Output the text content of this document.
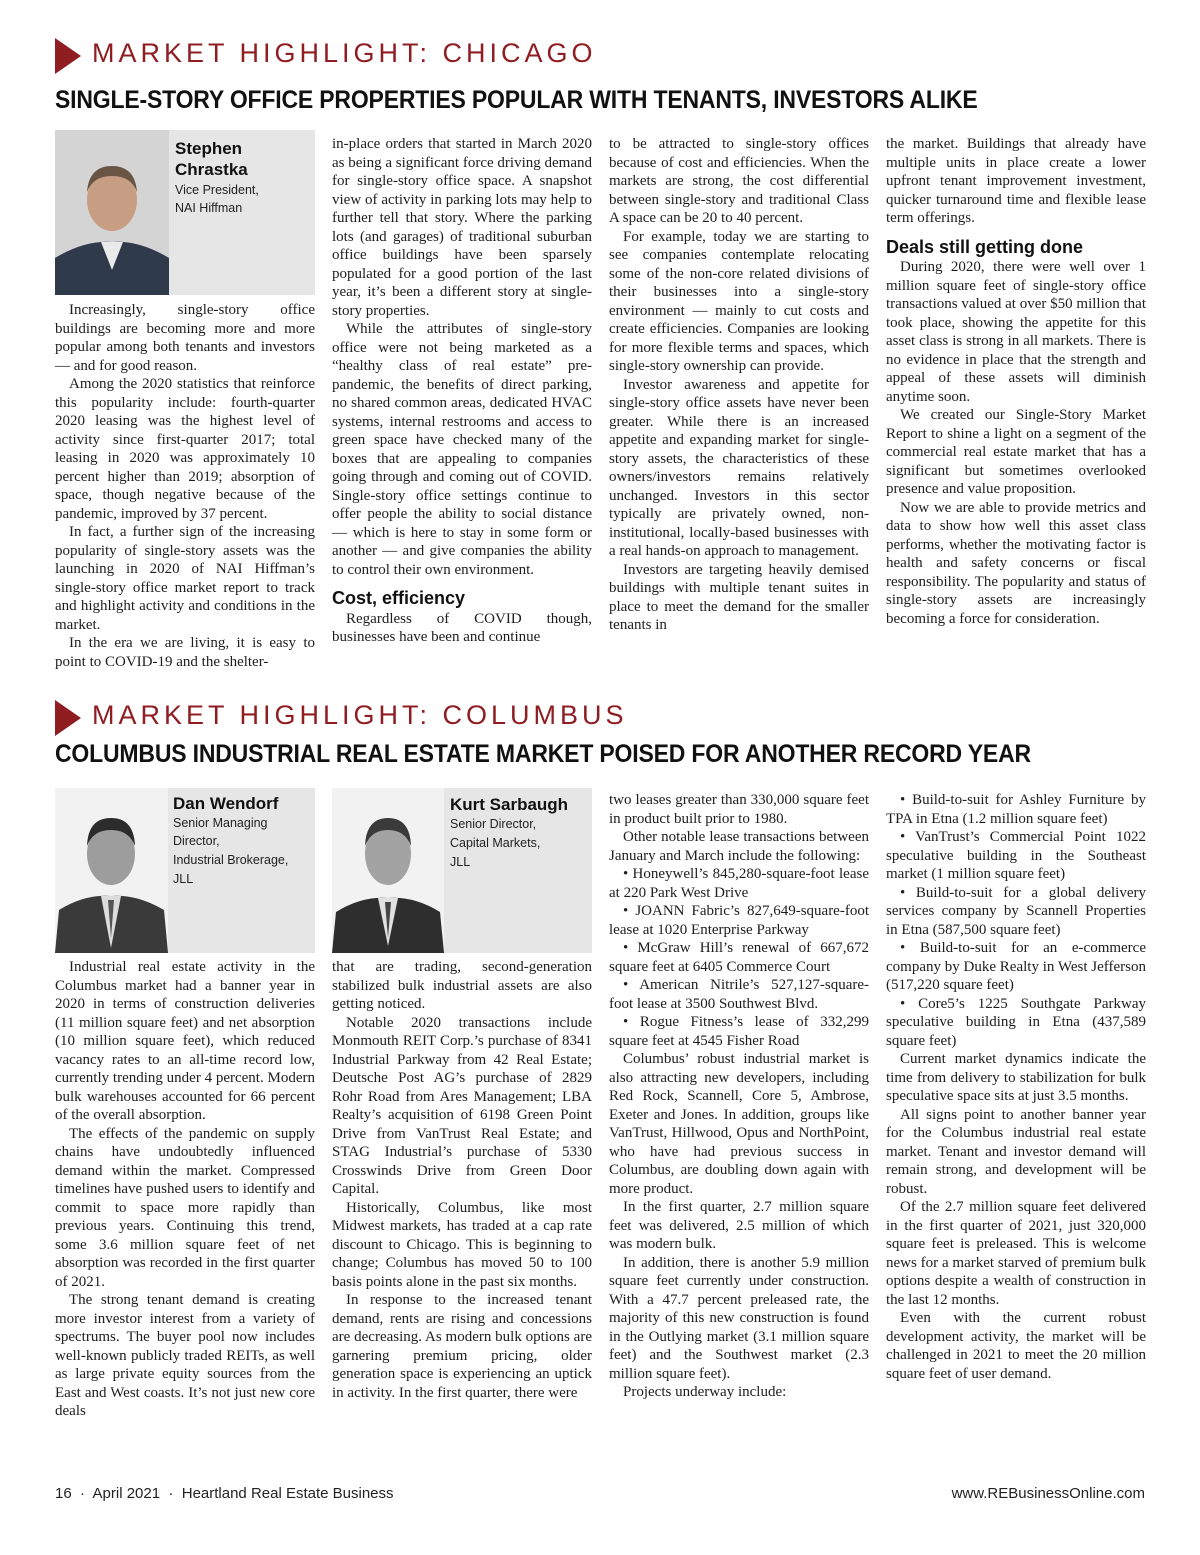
MARKET HIGHLIGHT: CHICAGO
SINGLE-STORY OFFICE PROPERTIES POPULAR WITH TENANTS, INVESTORS ALIKE
Stephen
Chrastka
Vice President,
NAI Hiffman

Increasingly, single-story office buildings are becoming more and more popular among both tenants and investors — and for good reason.

Among the 2020 statistics that reinforce this popularity include: fourth-quarter 2020 leasing was the highest level of activity since first-quarter 2017; total leasing in 2020 was approximately 10 percent higher than 2019; absorption of space, though negative because of the pandemic, improved by 37 percent.

In fact, a further sign of the increasing popularity of single-story assets was the launching in 2020 of NAI Hiffman’s single-story office market report to track and highlight activity and conditions in the market.

In the era we are living, it is easy to point to COVID-19 and the shelter-

in-place orders that started in March 2020 as being a significant force driving demand for single-story office space. A snapshot view of activity in parking lots may help to further tell that story. Where the parking lots (and garages) of traditional suburban office buildings have been sparsely populated for a good portion of the last year, it’s been a different story at single-story properties.

While the attributes of single-story office were not being marketed as a “healthy class of real estate” pre-pandemic, the benefits of direct parking, no shared common areas, dedicated HVAC systems, internal restrooms and access to green space have checked many of the boxes that are appealing to companies going through and coming out of COVID. Single-story office settings continue to offer people the ability to social distance — which is here to stay in some form or another — and give companies the ability to control their own environment.

Cost, efficiency

Regardless of COVID though, businesses have been and continue

to be attracted to single-story offices because of cost and efficiencies. When the markets are strong, the cost differential between single-story and traditional Class A space can be 20 to 40 percent.

For example, today we are starting to see companies contemplate relocating some of the non-core related divisions of their businesses into a single-story environment — mainly to cut costs and create efficiencies. Companies are looking for more flexible terms and spaces, which single-story ownership can provide.

Investor awareness and appetite for single-story office assets have never been greater. While there is an increased appetite and expanding market for single-story assets, the characteristics of these owners/investors remains relatively unchanged. Investors in this sector typically are privately owned, non-institutional, locally-based businesses with a real hands-on approach to management.

Investors are targeting heavily demised buildings with multiple tenant suites in place to meet the demand for the smaller tenants in

the market. Buildings that already have multiple units in place create a lower upfront tenant improvement investment, quicker turnaround time and flexible lease term offerings.

Deals still getting done

During 2020, there were well over 1 million square feet of single-story office transactions valued at over $50 million that took place, showing the appetite for this asset class is strong in all markets. There is no evidence in place that the strength and appeal of these assets will diminish anytime soon.

We created our Single-Story Market Report to shine a light on a segment of the commercial real estate market that has a significant but sometimes overlooked presence and value proposition.

Now we are able to provide metrics and data to show how well this asset class performs, whether the motivating factor is health and safety concerns or fiscal responsibility. The popularity and status of single-story assets are increasingly becoming a force for consideration.

MARKET HIGHLIGHT: COLUMBUS
COLUMBUS INDUSTRIAL REAL ESTATE MARKET POISED FOR ANOTHER RECORD YEAR
Dan Wendorf
Senior Managing
Director,
Industrial Brokerage,
JLL
Kurt Sarbaugh
Senior Director,
Capital Markets,
JLL

Industrial real estate activity in the Columbus market had a banner year in 2020 in terms of construction deliveries (11 million square feet) and net absorption (10 million square feet), which reduced vacancy rates to an all-time record low, currently trending under 4 percent. Modern bulk warehouses accounted for 66 percent of the overall absorption.

The effects of the pandemic on supply chains have undoubtedly influenced demand within the market. Compressed timelines have pushed users to identify and commit to space more rapidly than previous years. Continuing this trend, some 3.6 million square feet of net absorption was recorded in the first quarter of 2021.

The strong tenant demand is creating more investor interest from a variety of spectrums. The buyer pool now includes well-known publicly traded REITs, as well as large private equity sources from the East and West coasts. It’s not just new core deals

that are trading, second-generation stabilized bulk industrial assets are also getting noticed.

Notable 2020 transactions include Monmouth REIT Corp.’s purchase of 8341 Industrial Parkway from 42 Real Estate; Deutsche Post AG’s purchase of 2829 Rohr Road from Ares Management; LBA Realty’s acquisition of 6198 Green Point Drive from VanTrust Real Estate; and STAG Industrial’s purchase of 5330 Crosswinds Drive from Green Door Capital.

Historically, Columbus, like most Midwest markets, has traded at a cap rate discount to Chicago. This is beginning to change; Columbus has moved 50 to 100 basis points alone in the past six months.

In response to the increased tenant demand, rents are rising and concessions are decreasing. As modern bulk options are garnering premium pricing, older generation space is experiencing an uptick in activity. In the first quarter, there were

two leases greater than 330,000 square feet in product built prior to 1980.

Other notable lease transactions between January and March include the following:

• Honeywell’s 845,280-square-foot lease at 220 Park West Drive

• JOANN Fabric’s 827,649-square-foot lease at 1020 Enterprise Parkway

• McGraw Hill’s renewal of 667,672 square feet at 6405 Commerce Court

• American Nitrile’s 527,127-square-foot lease at 3500 Southwest Blvd.

• Rogue Fitness’s lease of 332,299 square feet at 4545 Fisher Road

Columbus’ robust industrial market is also attracting new developers, including Red Rock, Scannell, Core 5, Ambrose, Exeter and Jones. In addition, groups like VanTrust, Hillwood, Opus and NorthPoint, who have had previous success in Columbus, are doubling down again with more product.

In the first quarter, 2.7 million square feet was delivered, 2.5 million of which was modern bulk.

In addition, there is another 5.9 million square feet currently under construction. With a 47.7 percent preleased rate, the majority of this new construction is found in the Outlying market (3.1 million square feet) and the Southwest market (2.3 million square feet).

Projects underway include:

• Build-to-suit for Ashley Furniture by TPA in Etna (1.2 million square feet)

• VanTrust’s Commercial Point 1022 speculative building in the Southeast market (1 million square feet)

• Build-to-suit for a global delivery services company by Scannell Properties in Etna (587,500 square feet)

• Build-to-suit for an e-commerce company by Duke Realty in West Jefferson (517,220 square feet)

• Core5’s 1225 Southgate Parkway speculative building in Etna (437,589 square feet)

Current market dynamics indicate the time from delivery to stabilization for bulk speculative space sits at just 3.5 months.

All signs point to another banner year for the Columbus industrial real estate market. Tenant and investor demand will remain strong, and development will be robust.

Of the 2.7 million square feet delivered in the first quarter of 2021, just 320,000 square feet is preleased. This is welcome news for a market starved of premium bulk options despite a wealth of construction in the last 12 months.

Even with the current robust development activity, the market will be challenged in 2021 to meet the 20 million square feet of user demand.

16  ·  April 2021  ·  Heartland Real Estate Business	www.REBusinessOnline.com
